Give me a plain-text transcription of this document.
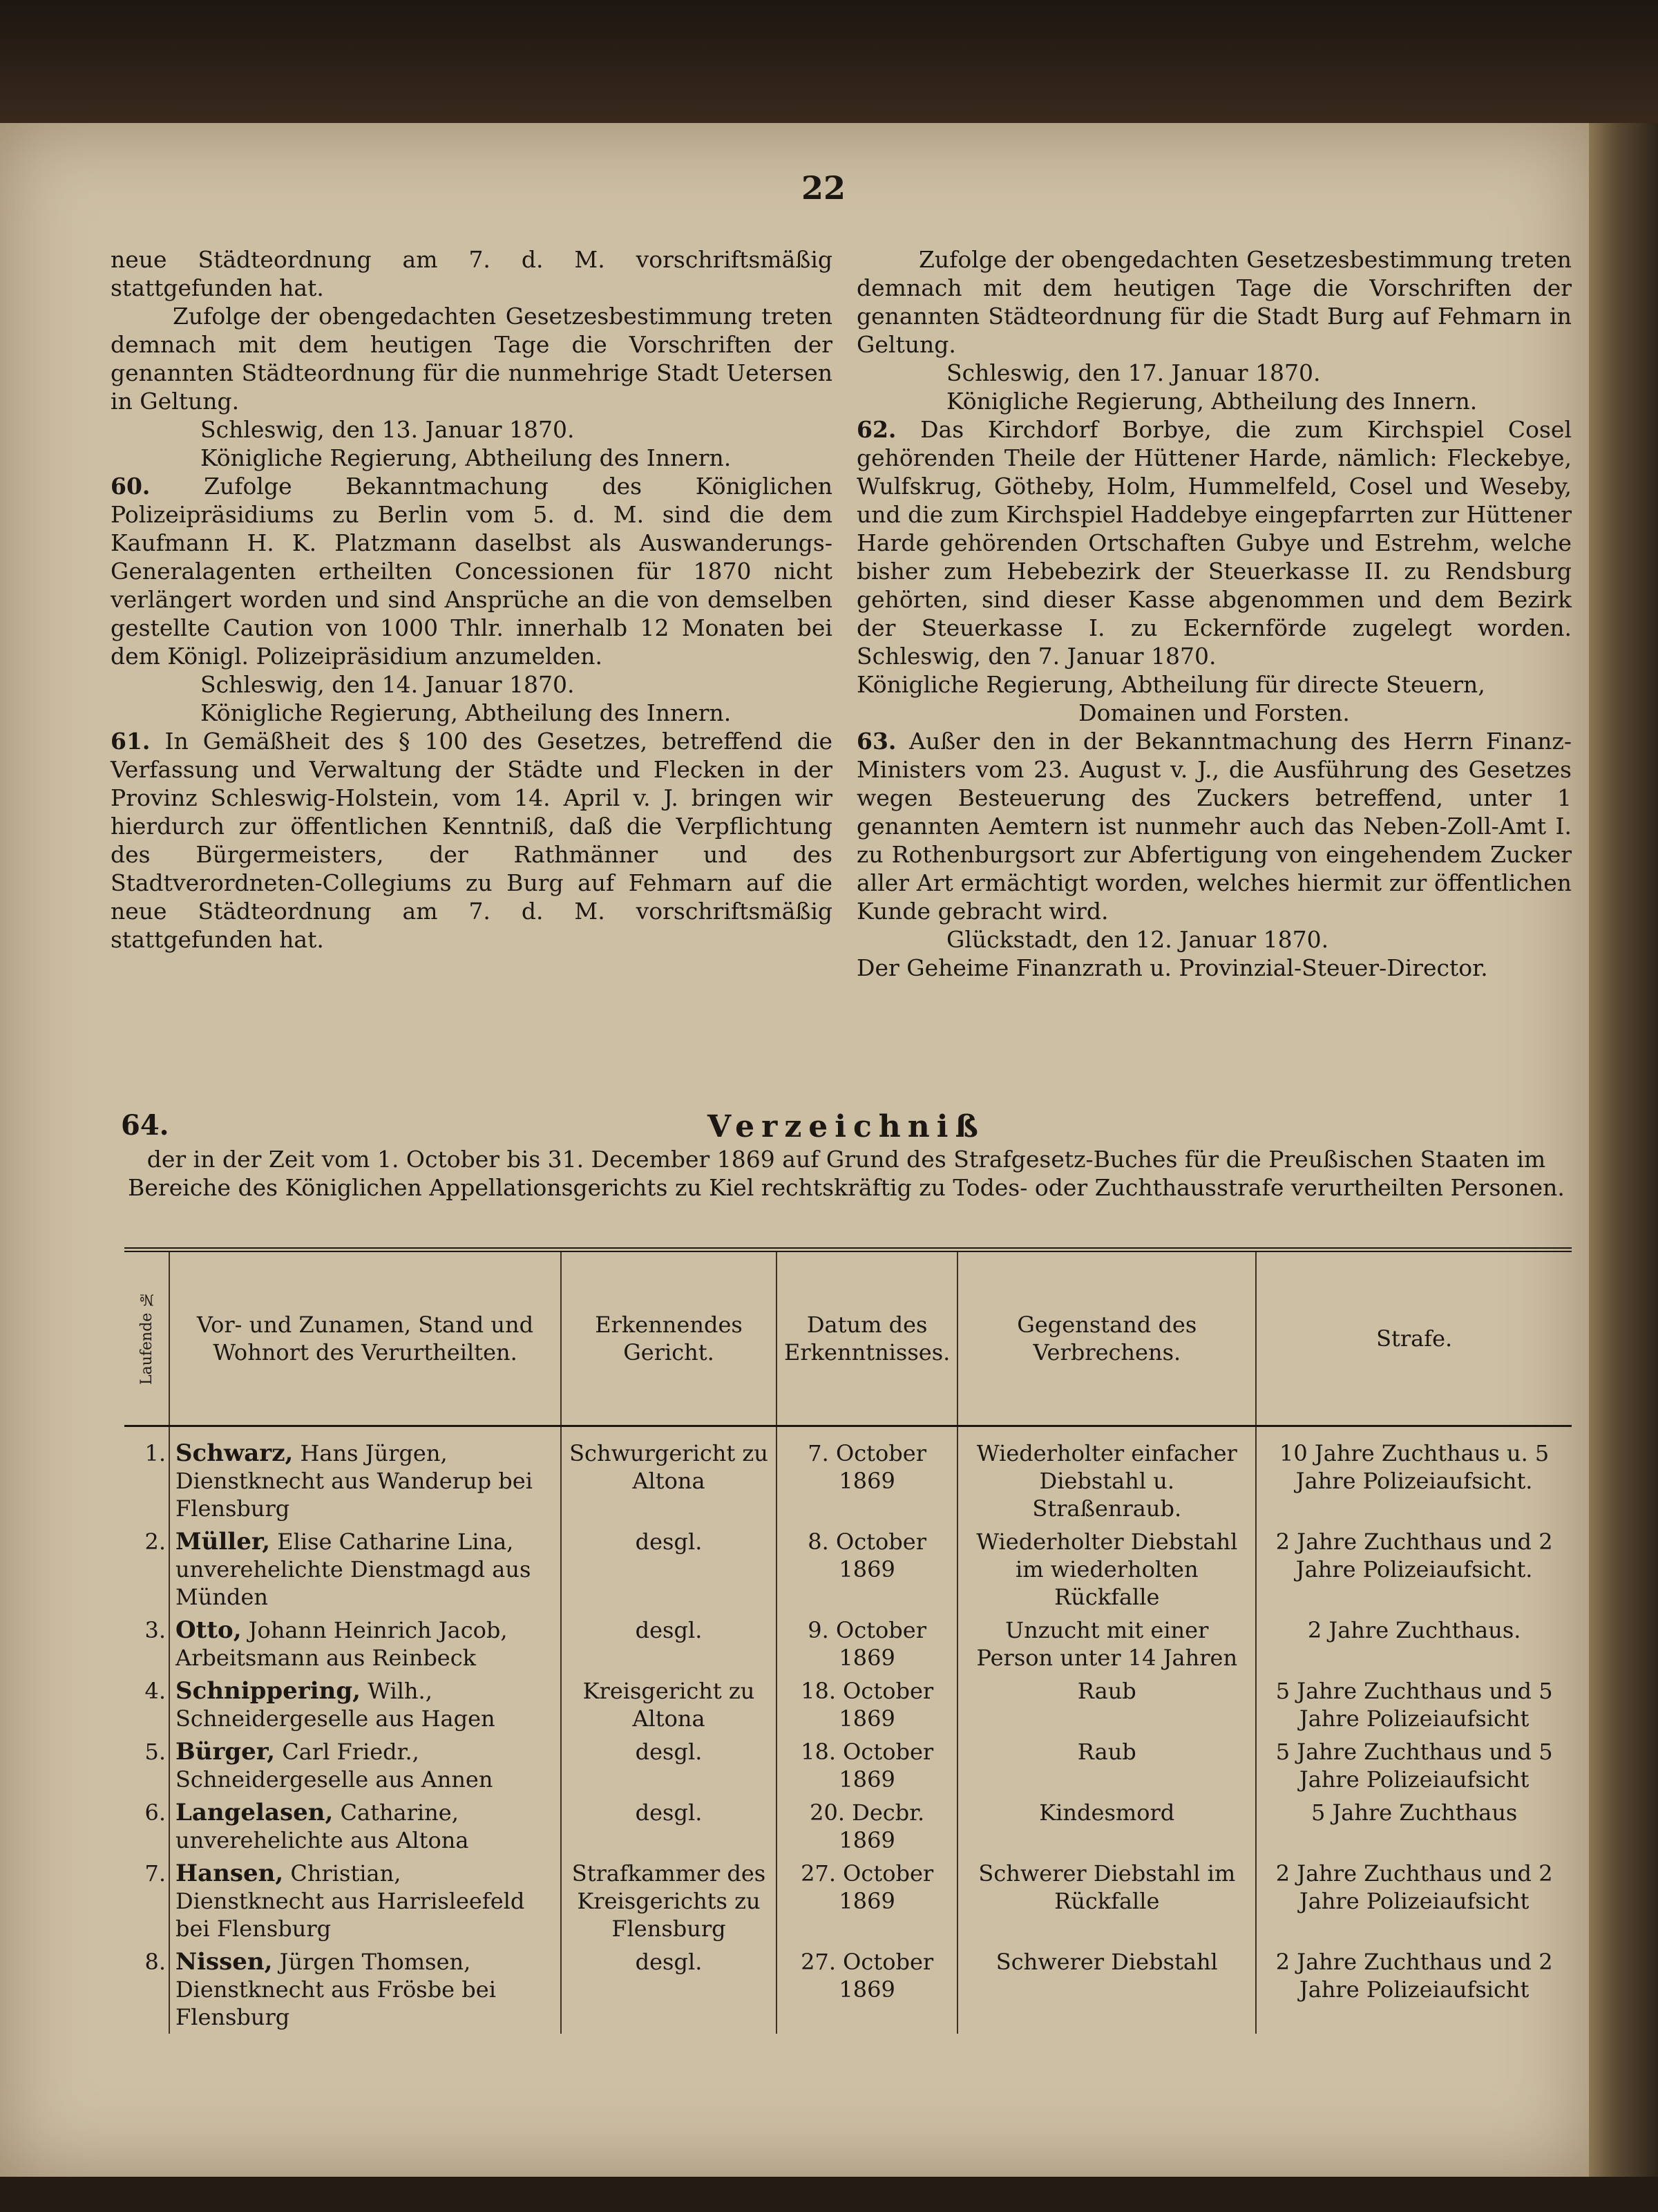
22

neue Städteordnung am 7. d. M. vorschriftsmäßig stattgefunden hat.

Zufolge der obengedachten Gesetzesbestimmung treten demnach mit dem heutigen Tage die Vorschriften der genannten Städteordnung für die nunmehrige Stadt Uetersen in Geltung.

Schleswig, den 13. Januar 1870.

Königliche Regierung, Abtheilung des Innern.

60. Zufolge Bekanntmachung des Königlichen Polizeipräsidiums zu Berlin vom 5. d. M. sind die dem Kaufmann H. K. Platzmann daselbst als Auswanderungs-Generalagenten ertheilten Concessionen für 1870 nicht verlängert worden und sind Ansprüche an die von demselben gestellte Caution von 1000 Thlr. innerhalb 12 Monaten bei dem Königl. Polizeipräsidium anzumelden.

Schleswig, den 14. Januar 1870.

Königliche Regierung, Abtheilung des Innern.

61. In Gemäßheit des § 100 des Gesetzes, betreffend die Verfassung und Verwaltung der Städte und Flecken in der Provinz Schleswig-Holstein, vom 14. April v. J. bringen wir hierdurch zur öffentlichen Kenntniß, daß die Verpflichtung des Bürgermeisters, der Rathmänner und des Stadtverordneten-Collegiums zu Burg auf Fehmarn auf die neue Städteordnung am 7. d. M. vorschriftsmäßig stattgefunden hat.

Zufolge der obengedachten Gesetzesbestimmung treten demnach mit dem heutigen Tage die Vorschriften der genannten Städteordnung für die Stadt Burg auf Fehmarn in Geltung.

Schleswig, den 17. Januar 1870.

Königliche Regierung, Abtheilung des Innern.

62. Das Kirchdorf Borbye, die zum Kirchspiel Cosel gehörenden Theile der Hüttener Harde, nämlich: Fleckebye, Wulfskrug, Götheby, Holm, Hummelfeld, Cosel und Weseby, und die zum Kirchspiel Haddebye eingepfarrten zur Hüttener Harde gehörenden Ortschaften Gubye und Estrehm, welche bisher zum Hebebezirk der Steuerkasse II. zu Rendsburg gehörten, sind dieser Kasse abgenommen und dem Bezirk der Steuerkasse I. zu Eckernförde zugelegt worden. Schleswig, den 7. Januar 1870.

Königliche Regierung, Abtheilung für directe Steuern,

Domainen und Forsten.

63. Außer den in der Bekanntmachung des Herrn Finanz-Ministers vom 23. August v. J., die Ausführung des Gesetzes wegen Besteuerung des Zuckers betreffend, unter 1 genannten Aemtern ist nunmehr auch das Neben-Zoll-Amt I. zu Rothenburgsort zur Abfertigung von eingehendem Zucker aller Art ermächtigt worden, welches hiermit zur öffentlichen Kunde gebracht wird.

Glückstadt, den 12. Januar 1870.

Der Geheime Finanzrath u. Provinzial-Steuer-Director.

Verzeichniß
64.
der in der Zeit vom 1. October bis 31. December 1869 auf Grund des Strafgesetz-Buches für die Preußischen Staaten im Bereiche des Königlichen Appellationsgerichts zu Kiel rechtskräftig zu Todes- oder Zuchthausstrafe verurtheilten Personen.
Laufende №	Vor- und Zunamen, Stand und Wohnort des Verurtheilten.	Erkennendes Gericht.	Datum des Erkenntnisses.	Gegenstand des Verbrechens.	Strafe.
1.	Schwarz, Hans Jürgen, Dienstknecht aus Wanderup bei Flensburg	Schwurgericht zu Altona	7. October 1869	Wiederholter einfacher Diebstahl u. Straßenraub.	10 Jahre Zuchthaus u. 5 Jahre Polizeiaufsicht.
2.	Müller, Elise Catharine Lina, unverehelichte Dienstmagd aus Münden	desgl.	8. October 1869	Wiederholter Diebstahl im wiederholten Rückfalle	2 Jahre Zuchthaus und 2 Jahre Polizeiaufsicht.
3.	Otto, Johann Heinrich Jacob, Arbeitsmann aus Reinbeck	desgl.	9. October 1869	Unzucht mit einer Person unter 14 Jahren	2 Jahre Zuchthaus.
4.	Schnippering, Wilh., Schneidergeselle aus Hagen	Kreisgericht zu Altona	18. October 1869	Raub	5 Jahre Zuchthaus und 5 Jahre Polizeiaufsicht
5.	Bürger, Carl Friedr., Schneidergeselle aus Annen	desgl.	18. October 1869	Raub	5 Jahre Zuchthaus und 5 Jahre Polizeiaufsicht
6.	Langelasen, Catharine, unverehelichte aus Altona	desgl.	20. Decbr. 1869	Kindesmord	5 Jahre Zuchthaus
7.	Hansen, Christian, Dienstknecht aus Harrisleefeld bei Flensburg	Strafkammer des Kreisgerichts zu Flensburg	27. October 1869	Schwerer Diebstahl im Rückfalle	2 Jahre Zuchthaus und 2 Jahre Polizeiaufsicht
8.	Nissen, Jürgen Thomsen, Dienstknecht aus Frösbe bei Flensburg	desgl.	27. October 1869	Schwerer Diebstahl	2 Jahre Zuchthaus und 2 Jahre Polizeiaufsicht
